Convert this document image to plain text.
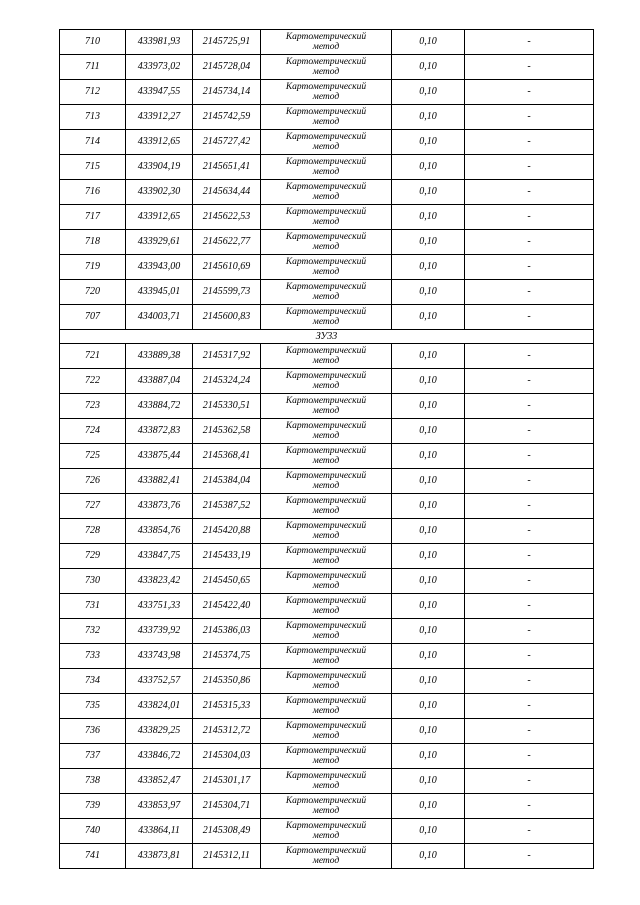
710	433981,93	2145725,91	Картометрический
метод	0,10	-
711	433973,02	2145728,04	Картометрический
метод	0,10	-
712	433947,55	2145734,14	Картометрический
метод	0,10	-
713	433912,27	2145742,59	Картометрический
метод	0,10	-
714	433912,65	2145727,42	Картометрический
метод	0,10	-
715	433904,19	2145651,41	Картометрический
метод	0,10	-
716	433902,30	2145634,44	Картометрический
метод	0,10	-
717	433912,65	2145622,53	Картометрический
метод	0,10	-
718	433929,61	2145622,77	Картометрический
метод	0,10	-
719	433943,00	2145610,69	Картометрический
метод	0,10	-
720	433945,01	2145599,73	Картометрический
метод	0,10	-
707	434003,71	2145600,83	Картометрический
метод	0,10	-
ЗУ33					
721	433889,38	2145317,92	Картометрический
метод	0,10	-
722	433887,04	2145324,24	Картометрический
метод	0,10	-
723	433884,72	2145330,51	Картометрический
метод	0,10	-
724	433872,83	2145362,58	Картометрический
метод	0,10	-
725	433875,44	2145368,41	Картометрический
метод	0,10	-
726	433882,41	2145384,04	Картометрический
метод	0,10	-
727	433873,76	2145387,52	Картометрический
метод	0,10	-
728	433854,76	2145420,88	Картометрический
метод	0,10	-
729	433847,75	2145433,19	Картометрический
метод	0,10	-
730	433823,42	2145450,65	Картометрический
метод	0,10	-
731	433751,33	2145422,40	Картометрический
метод	0,10	-
732	433739,92	2145386,03	Картометрический
метод	0,10	-
733	433743,98	2145374,75	Картометрический
метод	0,10	-
734	433752,57	2145350,86	Картометрический
метод	0,10	-
735	433824,01	2145315,33	Картометрический
метод	0,10	-
736	433829,25	2145312,72	Картометрический
метод	0,10	-
737	433846,72	2145304,03	Картометрический
метод	0,10	-
738	433852,47	2145301,17	Картометрический
метод	0,10	-
739	433853,97	2145304,71	Картометрический
метод	0,10	-
740	433864,11	2145308,49	Картометрический
метод	0,10	-
741	433873,81	2145312,11	Картометрический
метод	0,10	-
